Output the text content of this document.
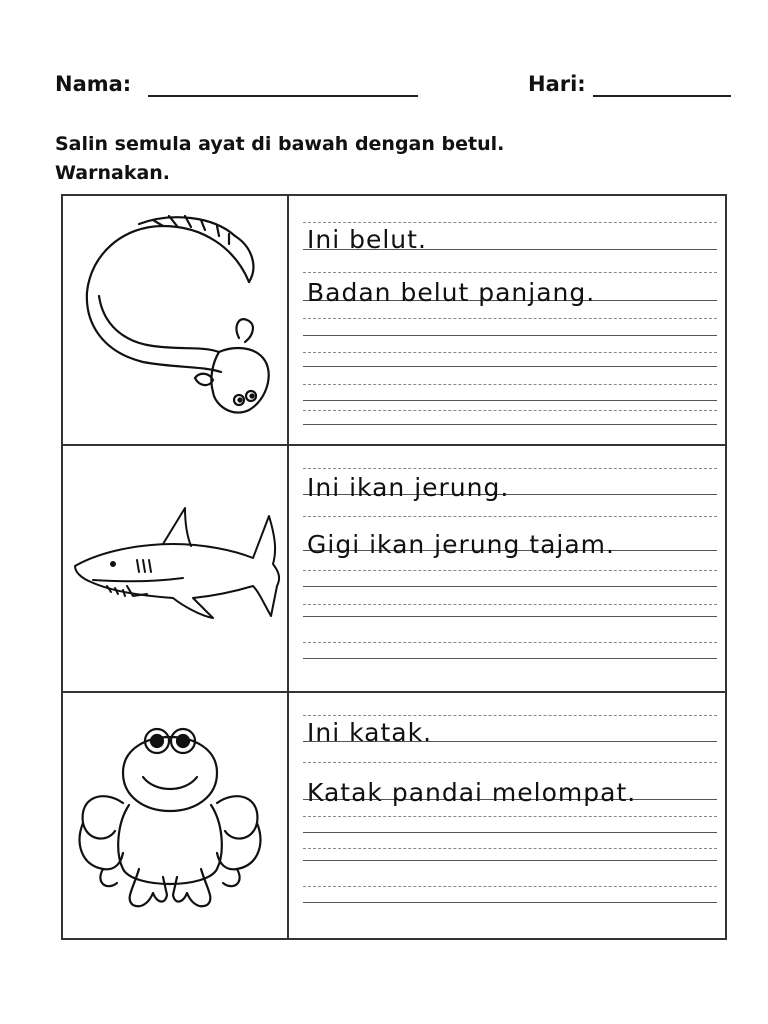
Nama:	Hari:
Salin semula ayat di bawah dengan betul.
Warnakan.
Ini belut.
Badan belut panjang.
Ini ikan jerung.
Gigi ikan jerung tajam.
Ini katak.
Katak pandai melompat.
